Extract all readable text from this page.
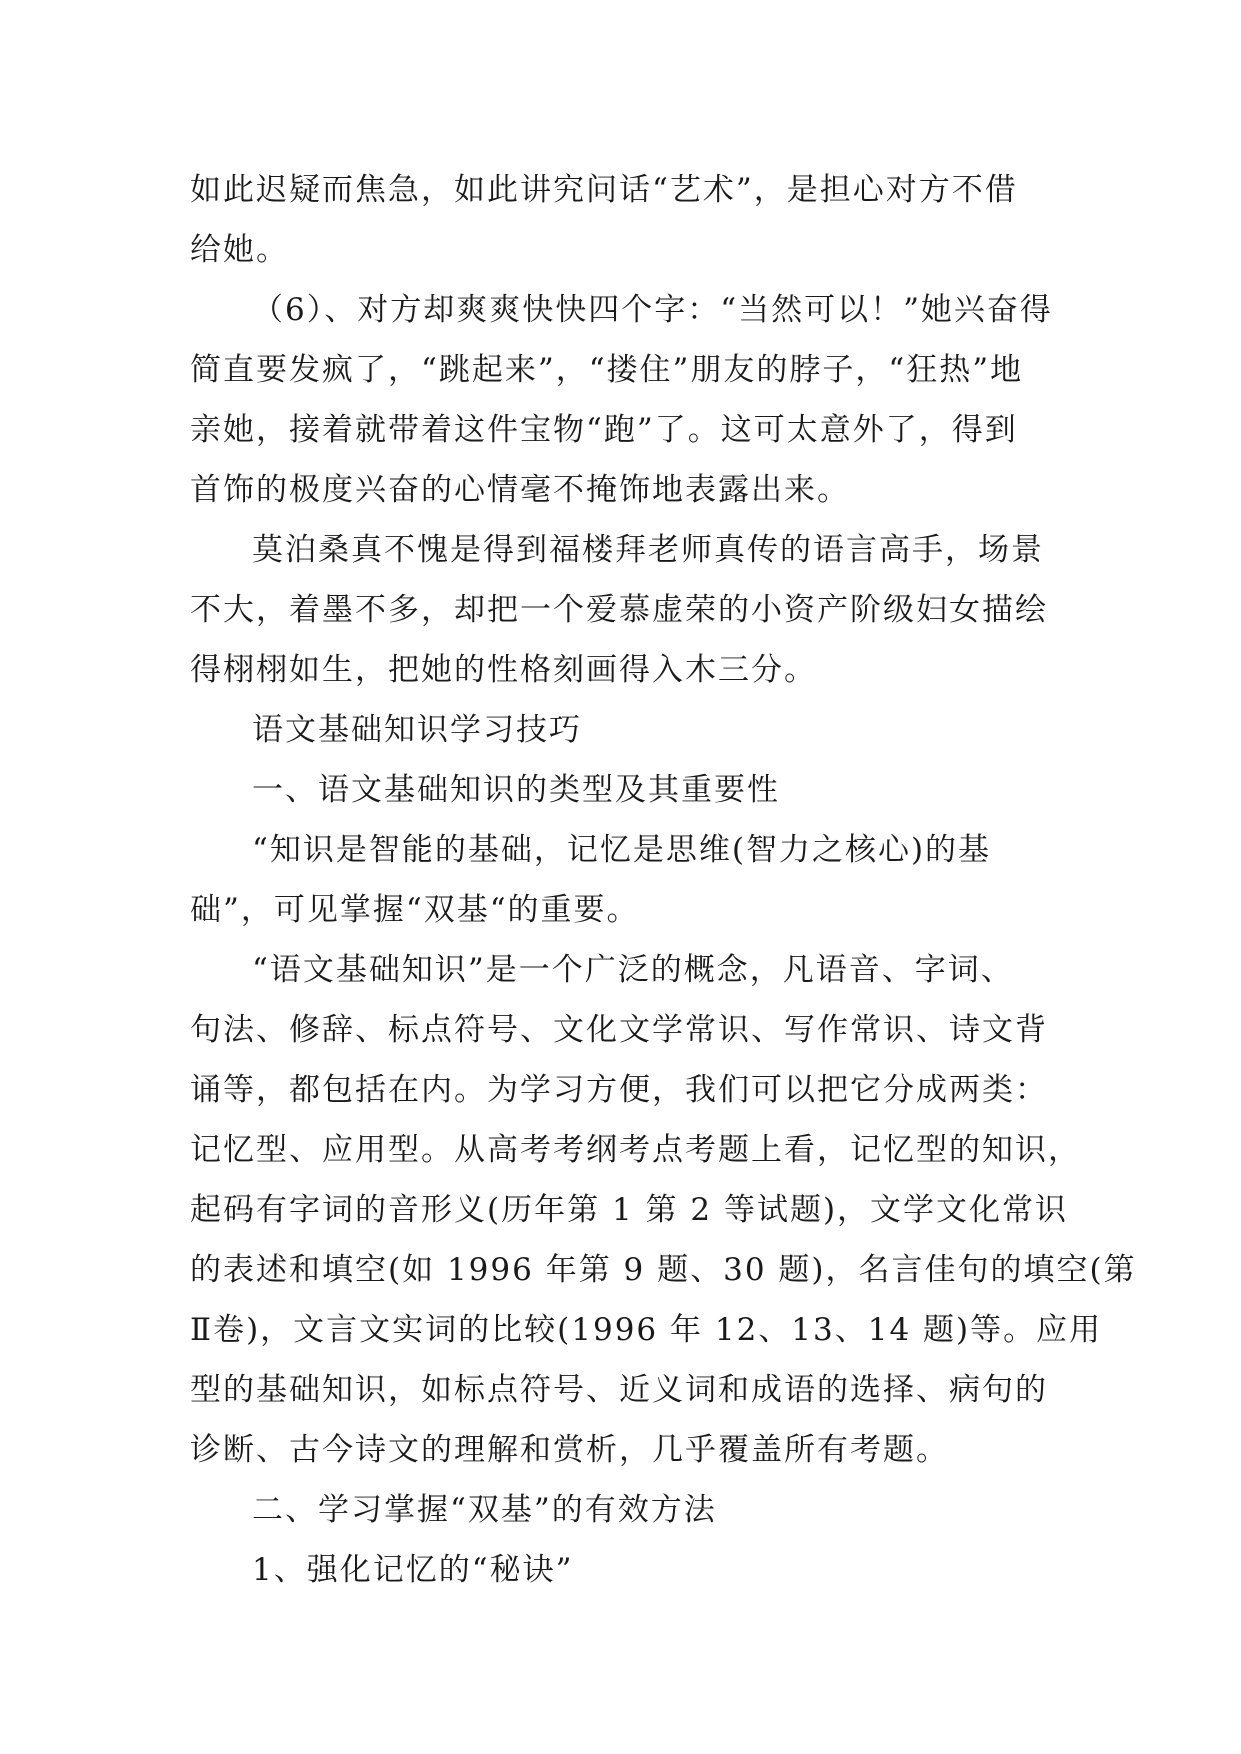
如此迟疑而焦急，如此讲究问话“艺术”，是担心对方不借
给她。
（6）、对方却爽爽快快四个字：“当然可以！”她兴奋得
简直要发疯了，“跳起来”，“搂住”朋友的脖子，“狂热”地
亲她，接着就带着这件宝物“跑”了。这可太意外了，得到
首饰的极度兴奋的心情毫不掩饰地表露出来。
莫泊桑真不愧是得到福楼拜老师真传的语言高手，场景
不大，着墨不多，却把一个爱慕虚荣的小资产阶级妇女描绘
得栩栩如生，把她的性格刻画得入木三分。
语文基础知识学习技巧
一、语文基础知识的类型及其重要性
“知识是智能的基础，记忆是思维(智力之核心)的基
础”，可见掌握“双基“的重要。
“语文基础知识”是一个广泛的概念，凡语音、字词、
句法、修辞、标点符号、文化文学常识、写作常识、诗文背
诵等，都包括在内。为学习方便，我们可以把它分成两类：
记忆型、应用型。从高考考纲考点考题上看，记忆型的知识，
起码有字词的音形义(历年第 1 第 2 等试题)，文学文化常识
的表述和填空(如 1996 年第 9 题、30 题)，名言佳句的填空(第
Ⅱ卷)，文言文实词的比较(1996 年 12、13、14 题)等。应用
型的基础知识，如标点符号、近义词和成语的选择、病句的
诊断、古今诗文的理解和赏析，几乎覆盖所有考题。
二、学习掌握“双基”的有效方法
1、强化记忆的“秘诀”
